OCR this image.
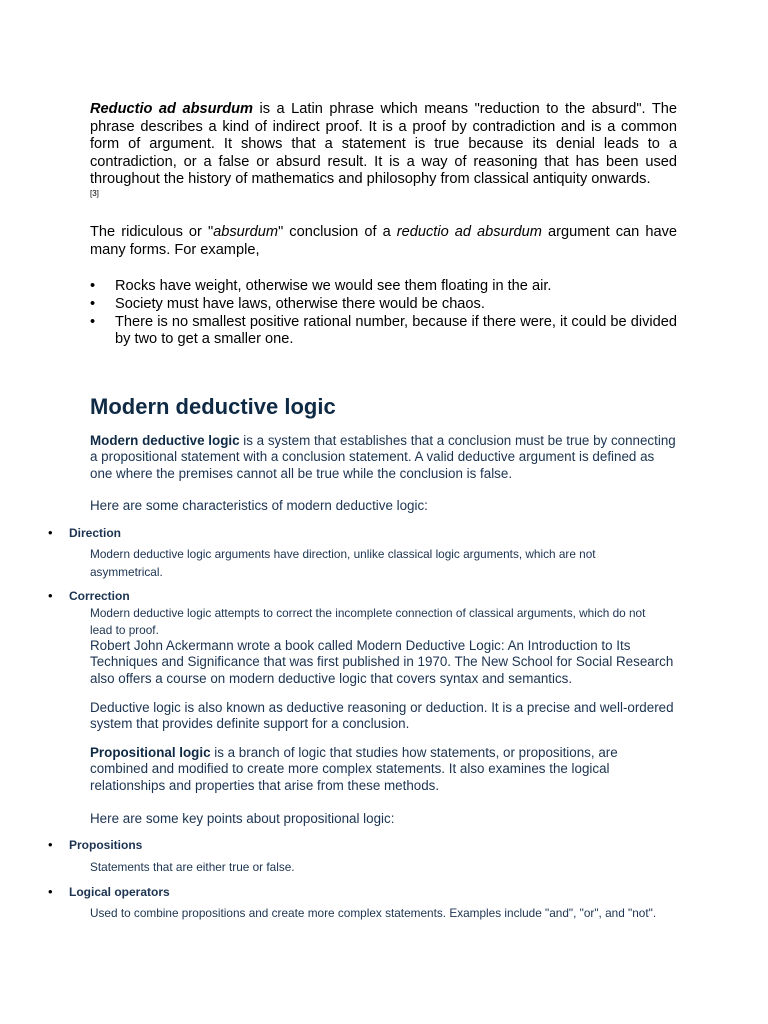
Reductio ad absurdum is a Latin phrase which means "reduction to the absurd". The phrase describes a kind of indirect proof. It is a proof by contradiction and is a common form of argument. It shows that a statement is true because its denial leads to a contradiction, or a false or absurd result. It is a way of reasoning that has been used throughout the history of mathematics and philosophy from classical antiquity onwards.
[3]

The ridiculous or "absurdum" conclusion of a reductio ad absurdum argument can have many forms. For example,

• Rocks have weight, otherwise we would see them floating in the air.
• Society must have laws, otherwise there would be chaos.
• There is no smallest positive rational number, because if there were, it could be divided by two to get a smaller one.
Modern deductive logic

Modern deductive logic is a system that establishes that a conclusion must be true by connecting a propositional statement with a conclusion statement. A valid deductive argument is defined as one where the premises cannot all be true while the conclusion is false.

Here are some characteristics of modern deductive logic:

• Direction

Modern deductive logic arguments have direction, unlike classical logic arguments, which are not asymmetrical.

• Correction

Modern deductive logic attempts to correct the incomplete connection of classical arguments, which do not lead to proof.

Robert John Ackermann wrote a book called Modern Deductive Logic: An Introduction to Its Techniques and Significance that was first published in 1970. The New School for Social Research also offers a course on modern deductive logic that covers syntax and semantics.

Deductive logic is also known as deductive reasoning or deduction. It is a precise and well-ordered system that provides definite support for a conclusion.

Propositional logic is a branch of logic that studies how statements, or propositions, are combined and modified to create more complex statements. It also examines the logical relationships and properties that arise from these methods.

Here are some key points about propositional logic:

• Propositions

Statements that are either true or false.

• Logical operators

Used to combine propositions and create more complex statements. Examples include "and", "or", and "not".
